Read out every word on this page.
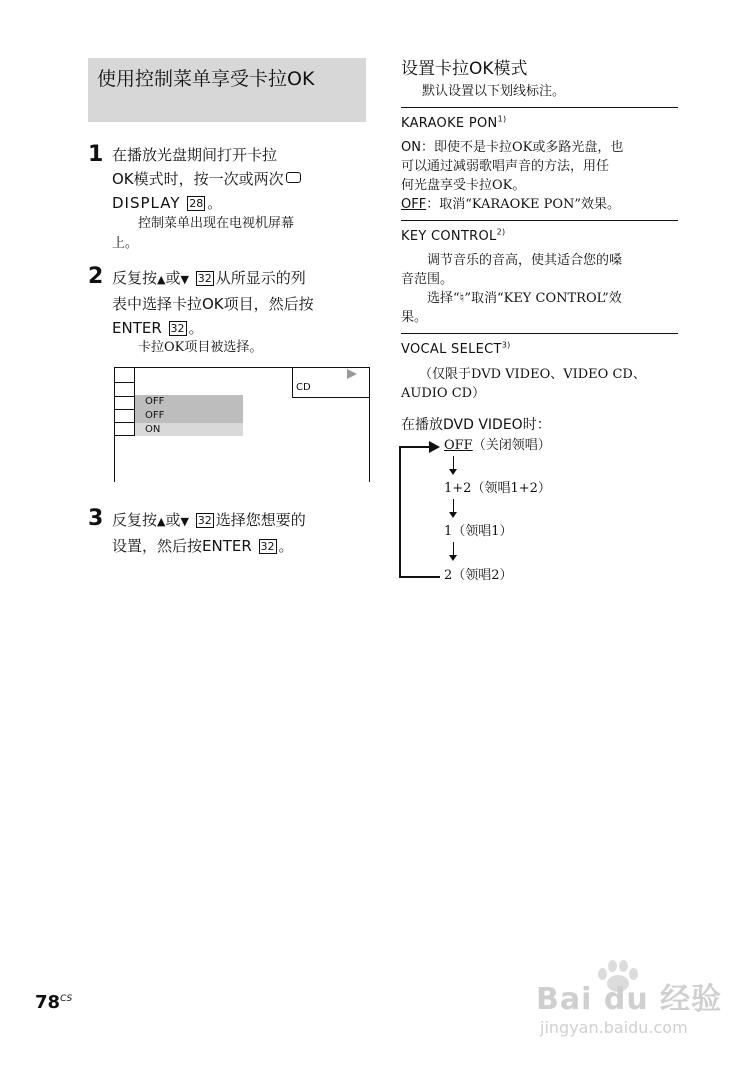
使用控制菜单享受卡拉OK
1 在播放光盘期间打开卡拉
OK模式时，按一次或两次
DISPLAY 28 。
控制菜单出现在电视机屏幕
上。
2 反复按▲或▼ 32 从所显示的列
表中选择卡拉OK项目，然后按
ENTER 32 。
卡拉OK项目被选择。
CD
OFF
OFF
ON
3 反复按▲或▼ 32 选择您想要的
设置，然后按ENTER 32 。
设置卡拉OK模式
默认设置以下划线标注。
KARAOKE PON$^{1)}$
ON：即使不是卡拉OK或多路光盘，也
可以通过减弱歌唱声音的方法，用任
何光盘享受卡拉OK。
OFF：取消“KARAOKE PON”效果。
KEY CONTROL$^{2)}$
调节音乐的音高，使其适合您的嗓
音范围。
选择“♮”取消“KEY CONTROL”效
果。
VOCAL SELECT$^{3)}$
（仅限于DVD VIDEO、VIDEO CD、
AUDIO CD）
在播放DVD VIDEO时：
OFF（关闭领唱）
1+2（领唱1+2）
1（领唱1）
2（领唱2）
$78^{CS}$	Bai du 经验
jingyan.baidu.com
